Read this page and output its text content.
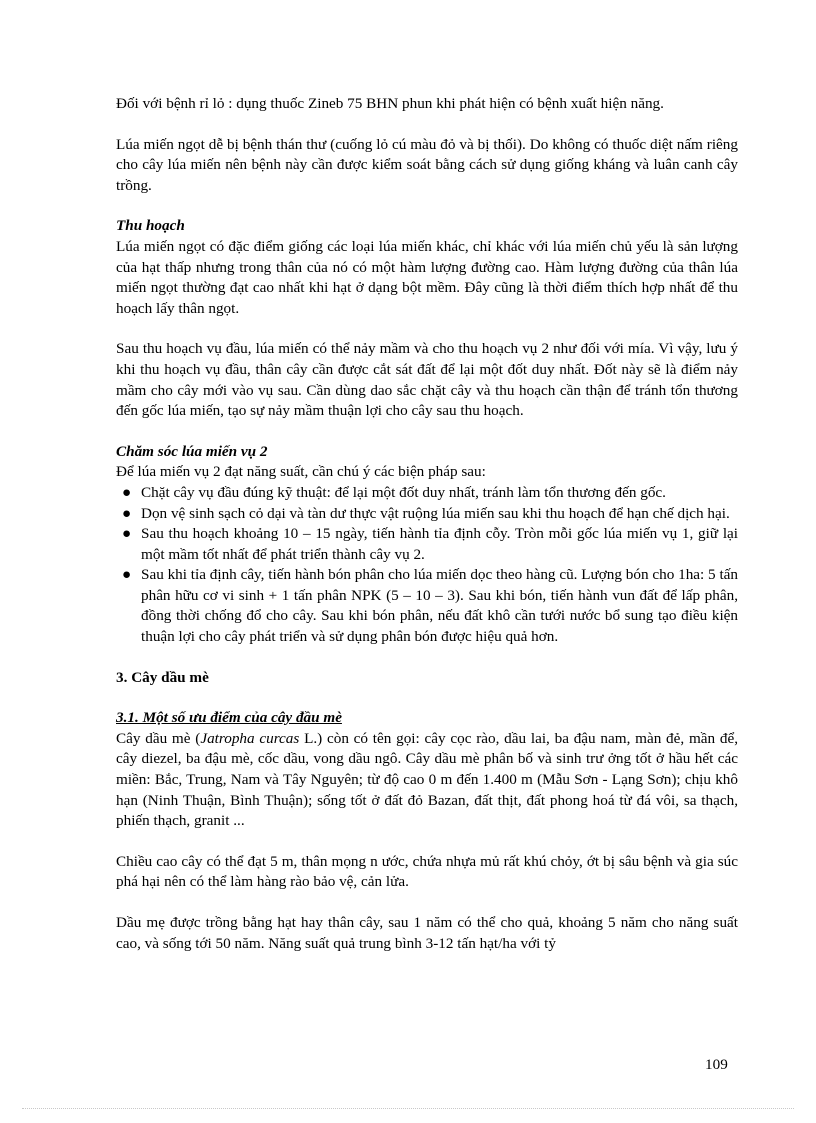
Đối với bệnh rỉ lỏ : dụng thuốc Zineb 75 BHN phun khi phát hiện có bệnh xuất hiện năng.

Lúa miến ngọt dễ bị bệnh thán thư (cuống lỏ cú màu đỏ và bị thối). Do không có thuốc diệt nấm riêng cho cây lúa miến nên bệnh này cần được kiểm soát bằng cách sử dụng giống kháng và luân canh cây trồng.

Thu hoạch

Lúa miến ngọt có đặc điểm giống các loại lúa miến khác, chỉ khác với lúa miến chủ yếu là sản lượng của hạt thấp nhưng trong thân của nó có một hàm lượng đường cao. Hàm lượng đường của thân lúa miến ngọt thường đạt cao nhất khi hạt ở dạng bột mềm. Đây cũng là thời điểm thích hợp nhất để thu hoạch lấy thân ngọt.

Sau thu hoạch vụ đầu, lúa miến có thể nảy mầm và cho thu hoạch vụ 2 như đối với mía. Vì vậy, lưu ý khi thu hoạch vụ đầu, thân cây cần được cắt sát đất để lại một đốt duy nhất. Đốt này sẽ là điểm nảy mầm cho cây mới vào vụ sau. Cần dùng dao sắc chặt cây và thu hoạch cần thận để tránh tổn thương đến gốc lúa miến, tạo sự nảy mầm thuận lợi cho cây sau thu hoạch.

Chăm sóc lúa miến vụ 2

Để lúa miến vụ 2 đạt năng suất, cần chú ý các biện pháp sau:

● Chặt cây vụ đầu đúng kỹ thuật: để lại một đốt duy nhất, tránh làm tổn thương đến gốc.
● Dọn vệ sinh sạch cỏ dại và tàn dư thực vật ruộng lúa miến sau khi thu hoạch để hạn chế dịch hại.
● Sau thu hoạch khoảng 10 – 15 ngày, tiến hành tỉa định cỗy. Tròn mỗi gốc lúa miến vụ 1, giữ lại một mầm tốt nhất để phát triển thành cây vụ 2.
● Sau khi tỉa định cây, tiến hành bón phân cho lúa miến dọc theo hàng cũ. Lượng bón cho 1ha: 5 tấn phân hữu cơ vi sinh + 1 tấn phân NPK (5 – 10 – 3). Sau khi bón, tiến hành vun đất để lấp phân, đồng thời chống đổ cho cây. Sau khi bón phân, nếu đất khô cần tưới nước bổ sung tạo điều kiện thuận lợi cho cây phát triển và sử dụng phân bón được hiệu quả hơn.

3. Cây dầu mè

3.1. Một số ưu điểm của cây đầu mè

Cây dầu mè (Jatropha curcas L.) còn có tên gọi: cây cọc rào, dầu lai, ba đậu nam, màn đẻ, mần để, cây diezel, ba đậu mè, cốc dầu, vong dầu ngô. Cây dầu mè phân bố và sinh trư ởng tốt ở hầu hết các miền: Bắc, Trung, Nam và Tây Nguyên; từ độ cao 0 m đến 1.400 m (Mẫu Sơn - Lạng Sơn); chịu khô hạn (Ninh Thuận, Bình Thuận); sống tốt ở đất đỏ Bazan, đất thịt, đất phong hoá từ đá vôi, sa thạch, phiến thạch, granit ...

Chiều cao cây có thể đạt 5 m, thân mọng n ước, chứa nhựa mủ rất khú chỏy, ớt bị sâu bệnh và gia súc phá hại nên có thể làm hàng rào bảo vệ, cản lửa.

Dầu mẹ được trồng bằng hạt hay thân cây, sau 1 năm có thể cho quả, khoảng 5 năm cho năng suất cao, và sống tới 50 năm. Năng suất quả trung bình 3-12 tấn hạt/ha với tỷ

109
